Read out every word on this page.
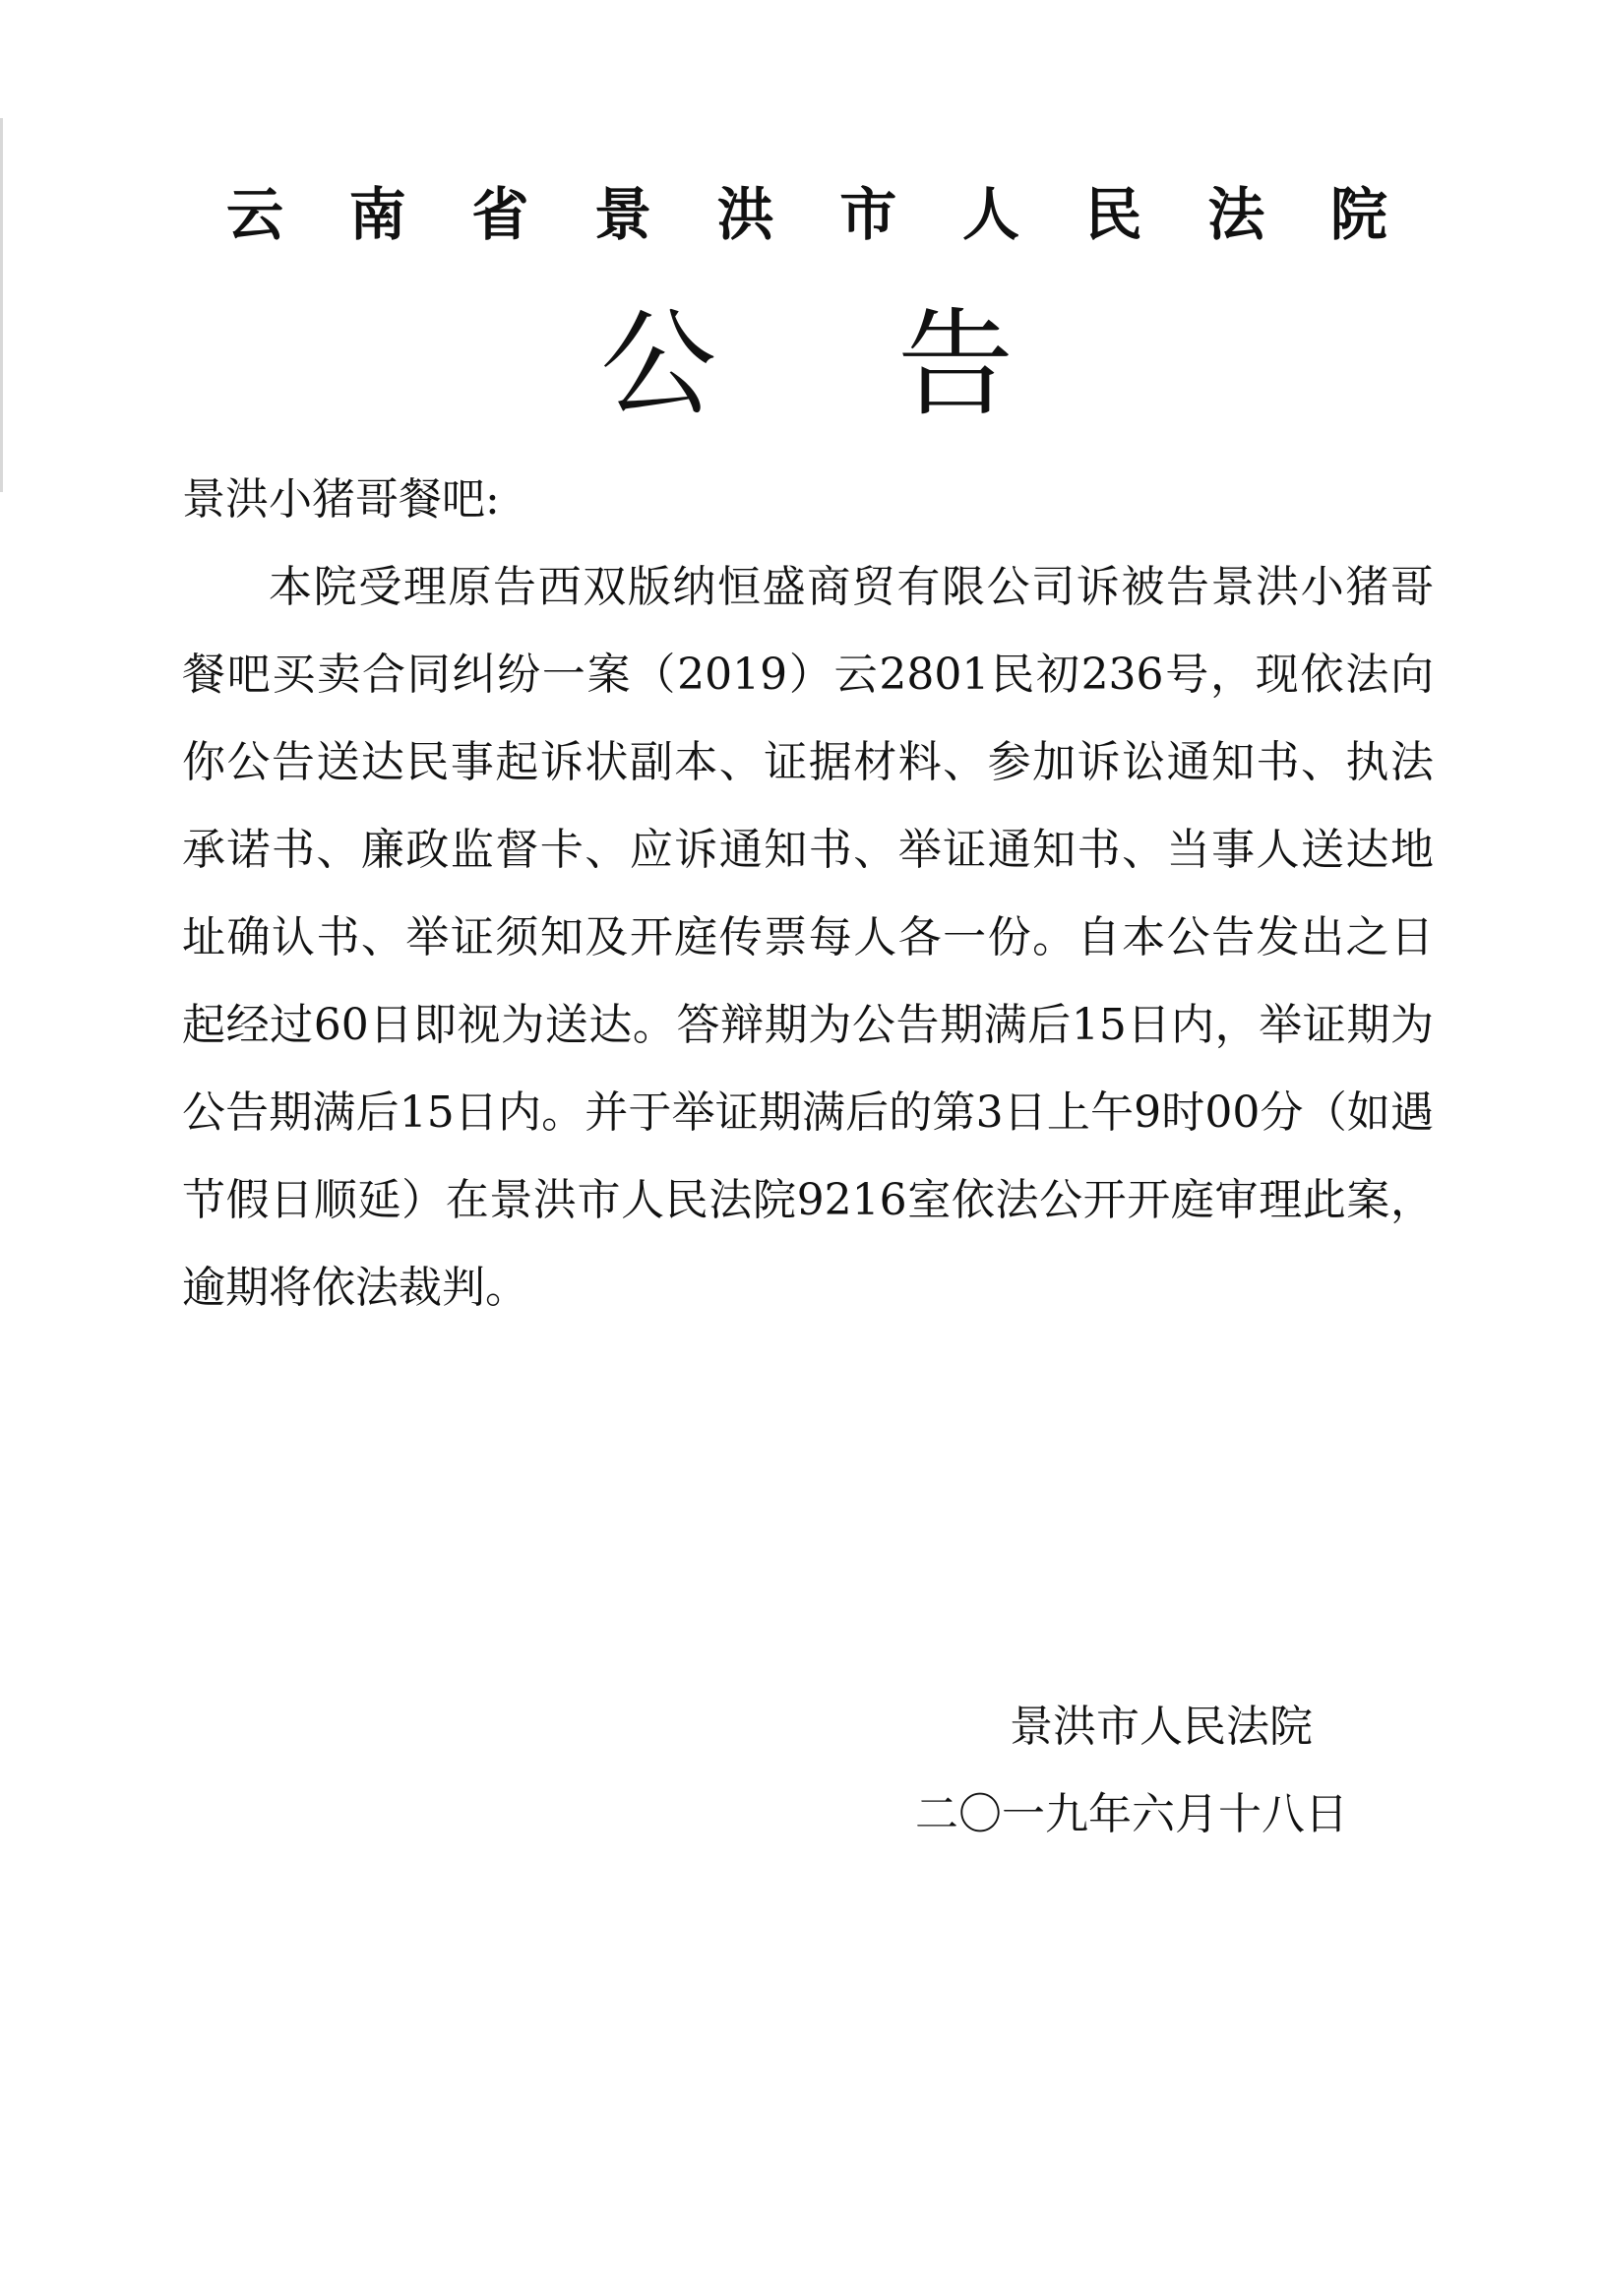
云 南 省 景 洪 市 人 民 法 院
公 告

景洪小猪哥餐吧:

本院受理原告西双版纳恒盛商贸有限公司诉被告景洪小猪哥餐吧买卖合同纠纷一案（2019）云2801民初236号，现依法向你公告送达民事起诉状副本、证据材料、参加诉讼通知书、执法承诺书、廉政监督卡、应诉通知书、举证通知书、当事人送达地址确认书、举证须知及开庭传票每人各一份。自本公告发出之日起经过60日即视为送达。答辩期为公告期满后15日内，举证期为公告期满后15日内。并于举证期满后的第3日上午9时00分（如遇节假日顺延）在景洪市人民法院9216室依法公开开庭审理此案，逾期将依法裁判。

景洪市人民法院
二〇一九年六月十八日
